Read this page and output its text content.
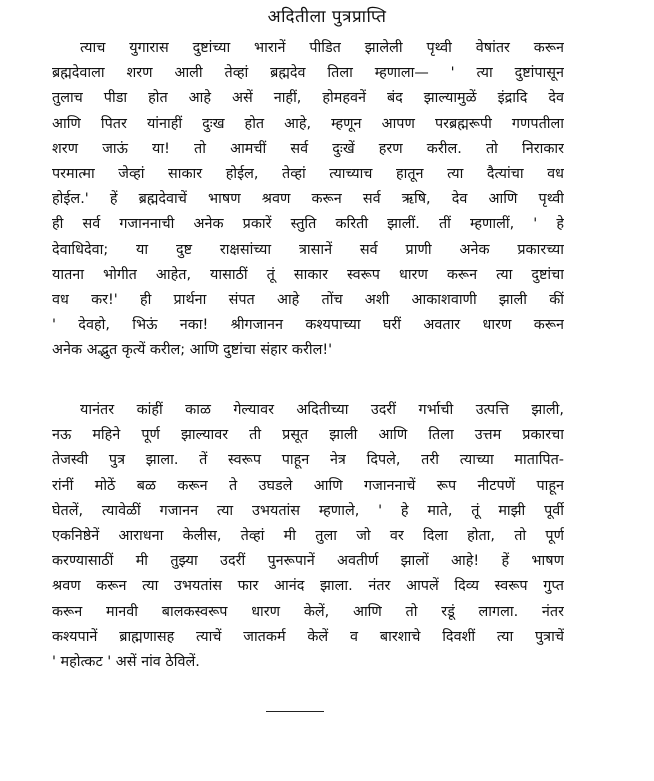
अदितीला पुत्रप्राप्ति
त्याच युगारास दुष्टांच्या भारानें पीडित झालेली पृथ्वी वेषांतर करून
ब्रह्मदेवाला शरण आली तेव्हां ब्रह्मदेव तिला म्हणाला— ' त्या दुष्टांपासून
तुलाच पीडा होत आहे असें नाहीं, होमहवनें बंद झाल्यामुळें इंद्रादि देव
आणि पितर यांनाहीं दुःख होत आहे, म्हणून आपण परब्रह्मरूपी गणपतीला
शरण जाऊं या! तो आमचीं सर्व दुःखें हरण करील. तो निराकार
परमात्मा जेव्हां साकार होईल, तेव्हां त्याच्याच हातून त्या दैत्यांचा वध
होईल.' हें ब्रह्मदेवाचें भाषण श्रवण करून सर्व ऋषि, देव आणि पृथ्वी
ही सर्व गजाननाची अनेक प्रकारें स्तुति करिती झालीं. तीं म्हणालीं, ' हे
देवाधिदेवा; या दुष्ट राक्षसांच्या त्रासानें सर्व प्राणी अनेक प्रकारच्या
यातना भोगीत आहेत, यासाठीं तूं साकार स्वरूप धारण करून त्या दुष्टांचा
वध कर!' ही प्रार्थना संपत आहे तोंच अशी आकाशवाणी झाली कीं
' देवहो, भिऊं नका! श्रीगजानन कश्यपाच्या घरीं अवतार धारण करून
अनेक अद्भुत कृत्यें करील; आणि दुष्टांचा संहार करील!'
यानंतर कांहीं काळ गेल्यावर अदितीच्या उदरीं गर्भाची उत्पत्ति झाली,
नऊ महिने पूर्ण झाल्यावर ती प्रसूत झाली आणि तिला उत्तम प्रकारचा
तेजस्वी पुत्र झाला. तें स्वरूप पाहून नेत्र दिपले, तरी त्याच्या मातापित-
रांनीं मोठें बळ करून ते उघडले आणि गजाननाचें रूप नीटपणें पाहून
घेतलें, त्यावेळीं गजानन त्या उभयतांस म्हणाले, ' हे माते, तूं माझी पूर्वी
एकनिष्ठेनें आराधना केलीस, तेव्हां मी तुला जो वर दिला होता, तो पूर्ण
करण्यासाठीं मी तुझ्या उदरीं पुनरूपानें अवतीर्ण झालों आहे! हें भाषण
श्रवण करून त्या उभयतांस फार आनंद झाला. नंतर आपलें दिव्य स्वरूप गुप्त
करून मानवी बालकस्वरूप धारण केलें, आणि तो रडूं लागला. नंतर
कश्यपानें ब्राह्मणासह त्याचें जातकर्म केलें व बारशाचे दिवशीं त्या पुत्राचें
' महोत्कट ' असें नांव ठेविलें.
